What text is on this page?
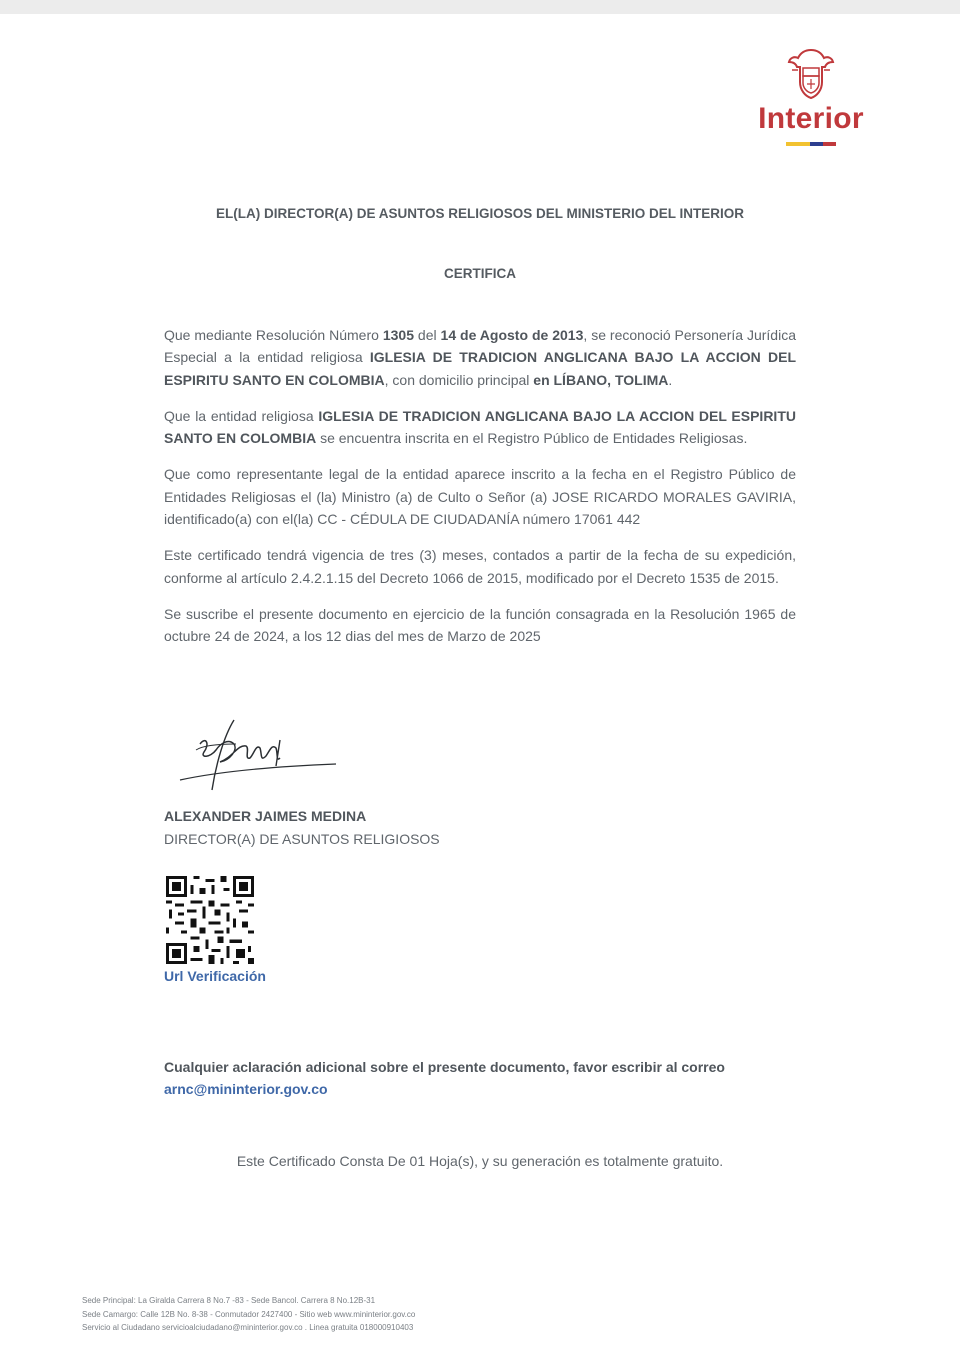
Interior
EL(LA) DIRECTOR(A) DE ASUNTOS RELIGIOSOS DEL MINISTERIO DEL INTERIOR
CERTIFICA

Que mediante Resolución Número 1305 del 14 de Agosto de 2013, se reconoció Personería Jurídica Especial a la entidad religiosa IGLESIA DE TRADICION ANGLICANA BAJO LA ACCION DEL ESPIRITU SANTO EN COLOMBIA, con domicilio principal en LÍBANO, TOLIMA.

Que la entidad religiosa IGLESIA DE TRADICION ANGLICANA BAJO LA ACCION DEL ESPIRITU SANTO EN COLOMBIA se encuentra inscrita en el Registro Público de Entidades Religiosas.

Que como representante legal de la entidad aparece inscrito a la fecha en el Registro Público de Entidades Religiosas el (la) Ministro (a) de Culto o Señor (a) JOSE RICARDO MORALES GAVIRIA, identificado(a) con el(la) CC - CÉDULA DE CIUDADANÍA número 17061 442

Este certificado tendrá vigencia de tres (3) meses, contados a partir de la fecha de su expedición, conforme al artículo 2.4.2.1.15 del Decreto 1066 de 2015, modificado por el Decreto 1535 de 2015.

Se suscribe el presente documento en ejercicio de la función consagrada en la Resolución 1965 de octubre 24 de 2024, a los 12 dias del mes de Marzo de 2025

ALEXANDER JAIMES MEDINA
DIRECTOR(A) DE ASUNTOS RELIGIOSOS
Url Verificación
Cualquier aclaración adicional sobre el presente documento, favor escribir al correo
arnc@mininterior.gov.co
Este Certificado Consta De 01 Hoja(s), y su generación es totalmente gratuito.
Sede Principal: La Giralda Carrera 8 No.7 -83 - Sede Bancol. Carrera 8 No.12B-31
Sede Camargo: Calle 12B No. 8-38 - Conmutador 2427400 - Sitio web www.mininterior.gov.co
Servicio al Ciudadano servicioalciudadano@mininterior.gov.co . Linea gratuita 018000910403
